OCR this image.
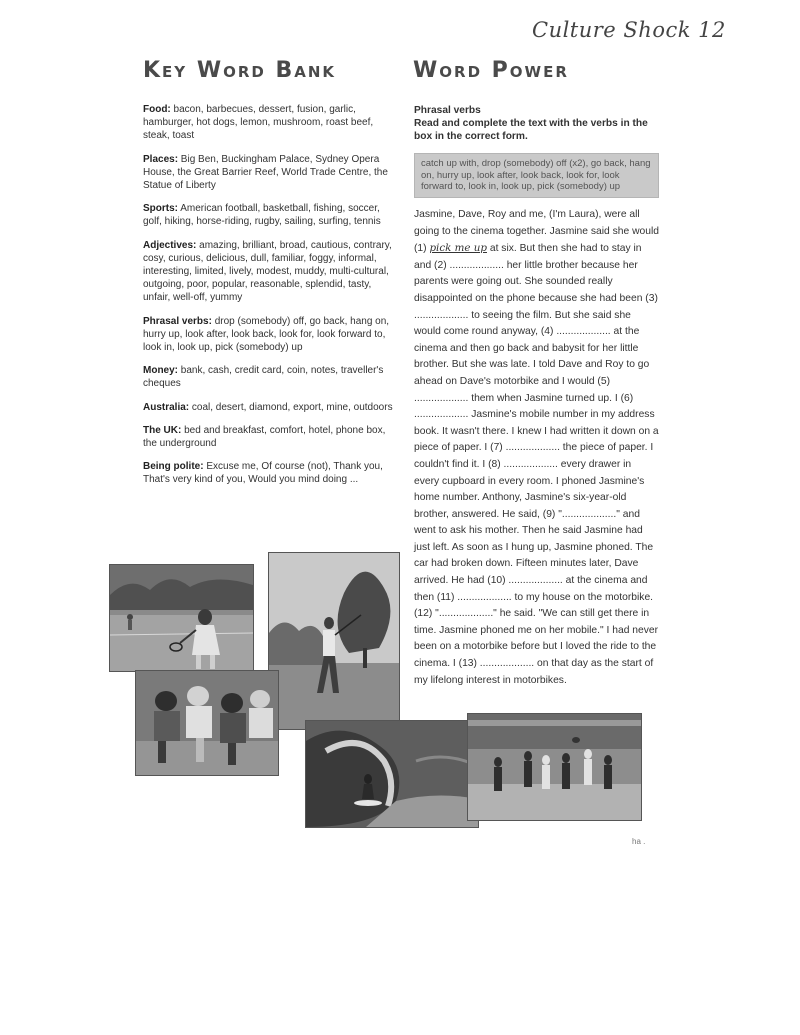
Culture Shock 12
Key Word Bank	Word Power

Food: bacon, barbecues, dessert, fusion, garlic, hamburger, hot dogs, lemon, mushroom, roast beef, steak, toast

Places: Big Ben, Buckingham Palace, Sydney Opera House, the Great Barrier Reef, World Trade Centre, the Statue of Liberty

Sports: American football, basketball, fishing, soccer, golf, hiking, horse-riding, rugby, sailing, surfing, tennis

Adjectives: amazing, brilliant, broad, cautious, contrary, cosy, curious, delicious, dull, familiar, foggy, informal, interesting, limited, lively, modest, muddy, multi-cultural, outgoing, poor, popular, reasonable, splendid, tasty, unfair, well-off, yummy

Phrasal verbs: drop (somebody) off, go back, hang on, hurry up, look after, look back, look for, look forward to, look in, look up, pick (somebody) up

Money: bank, cash, credit card, coin, notes, traveller's cheques

Australia: coal, desert, diamond, export, mine, outdoors

The UK: bed and breakfast, comfort, hotel, phone box, the underground

Being polite: Excuse me, Of course (not), Thank you, That's very kind of you, Would you mind doing ...

Phrasal verbs
Read and complete the text with the verbs in the box in the correct form.
catch up with, drop (somebody) off (x2), go back, hang on, hurry up, look after, look back, look for, look forward to, look in, look up, pick (somebody) up
Jasmine, Dave, Roy and me, (I'm Laura), were all going to the cinema together. Jasmine said she would (1) pick me up at six. But then she had to stay in and (2) ................... her little brother because her parents were going out. She sounded really disappointed on the phone because she had been (3) ................... to seeing the film. But she said she would come round anyway, (4) ................... at the cinema and then go back and babysit for her little brother. But she was late. I told Dave and Roy to go ahead on Dave's motorbike and I would (5) ................... them when Jasmine turned up. I (6) ................... Jasmine's mobile number in my address book. It wasn't there. I knew I had written it down on a piece of paper. I (7) ................... the piece of paper. I couldn't find it. I (8) ................... every drawer in every cupboard in every room. I phoned Jasmine's home number. Anthony, Jasmine's six-year-old brother, answered. He said, (9) "..................." and went to ask his mother. Then he said Jasmine had just left. As soon as I hung up, Jasmine phoned. The car had broken down. Fifteen minutes later, Dave arrived. He had (10) ................... at the cinema and then (11) ................... to my house on the motorbike. (12) "..................." he said. "We can still get there in time. Jasmine phoned me on her mobile." I had never been on a motorbike before but I loved the ride to the cinema. I (13) ................... on that day as the start of my lifelong interest in motorbikes.
ha .
